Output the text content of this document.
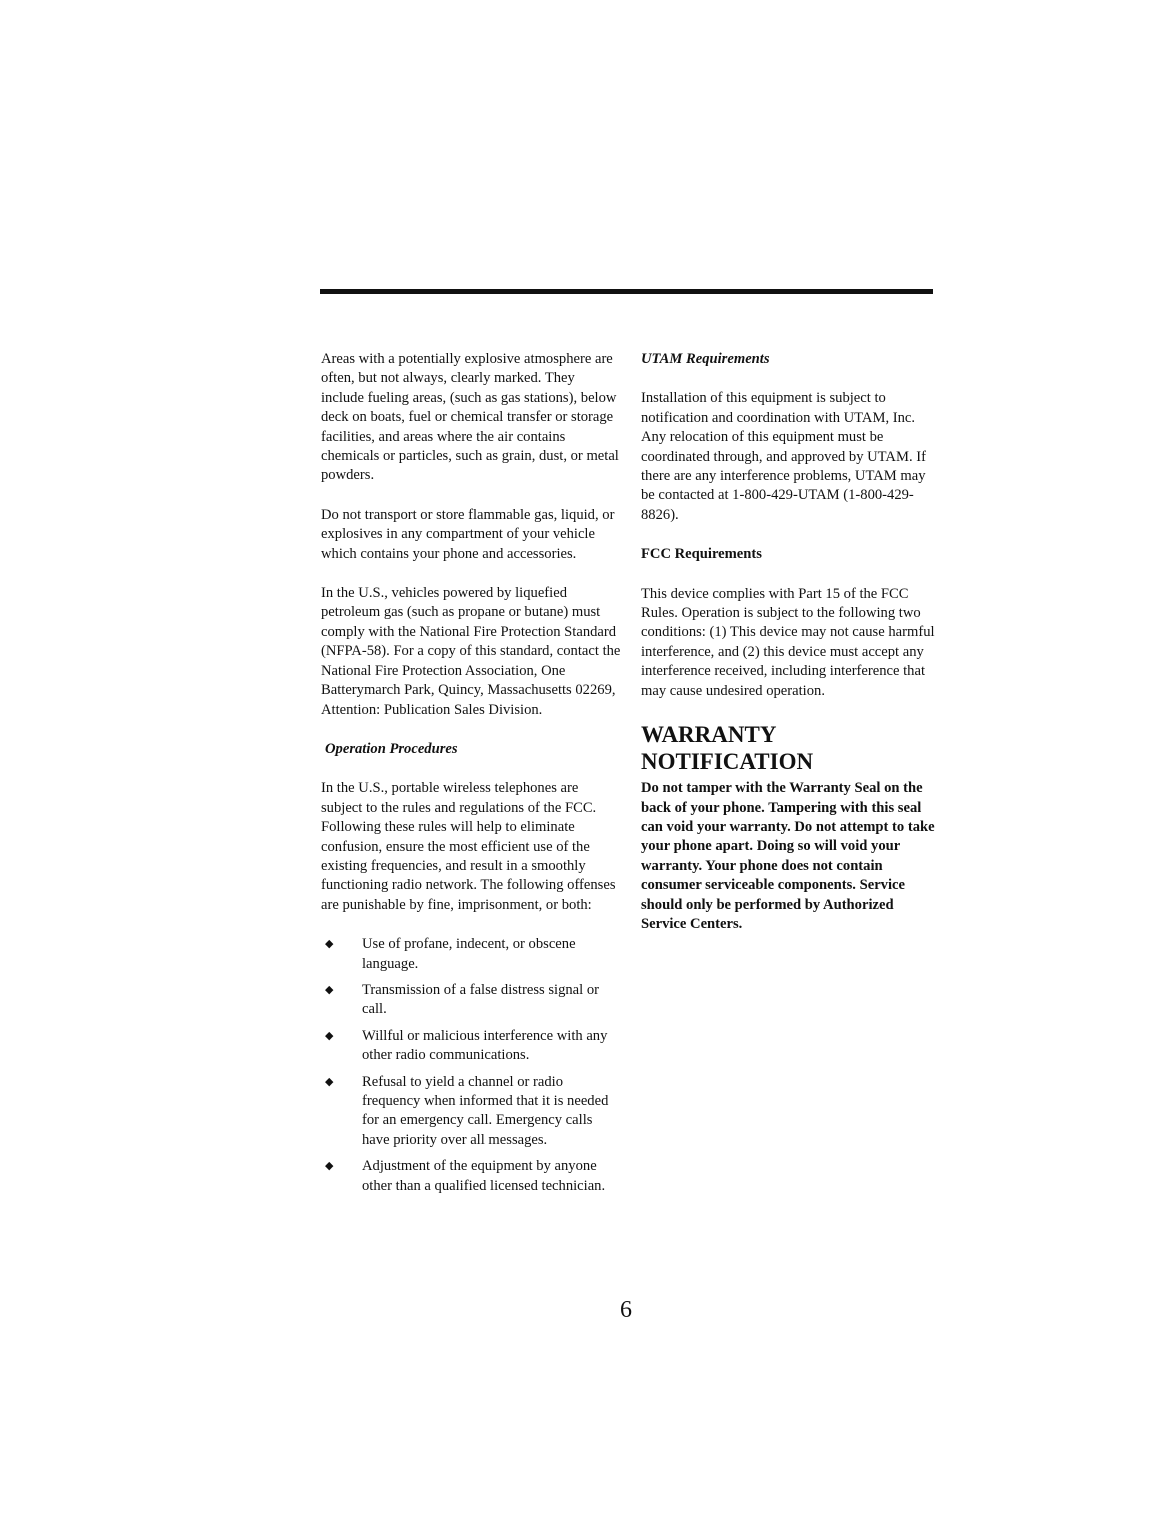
Areas with a potentially explosive atmosphere are often, but not always, clearly marked. They include fueling areas, (such as gas stations), below deck on boats, fuel or chemical transfer or storage facilities, and areas where the air contains chemicals or particles, such as grain, dust, or metal powders.

Do not transport or store flammable gas, liquid, or explosives in any compartment of your vehicle which contains your phone and accessories.

In the U.S., vehicles powered by liquefied petroleum gas (such as propane or butane) must comply with the National Fire Protection Standard (NFPA-58). For a copy of this standard, contact the National Fire Protection Association, One Batterymarch Park, Quincy, Massachusetts 02269, Attention: Publication Sales Division.

Operation Procedures

In the U.S., portable wireless telephones are subject to the rules and regulations of the FCC. Following these rules will help to eliminate confusion, ensure the most efficient use of the existing frequencies, and result in a smoothly functioning radio network. The following offenses are punishable by fine, imprisonment, or both:

◆ Use of profane, indecent, or obscene language.
◆ Transmission of a false distress signal or call.
◆ Willful or malicious interference with any other radio communications.
◆ Refusal to yield a channel or radio frequency when informed that it is needed for an emergency call. Emergency calls have priority over all messages.
◆ Adjustment of the equipment by anyone other than a qualified licensed technician.

UTAM Requirements

Installation of this equipment is subject to notification and coordination with UTAM, Inc. Any relocation of this equipment must be coordinated through, and approved by UTAM. If there are any interference problems, UTAM may be contacted at 1-800-429-UTAM (1-800-429-8826).

FCC Requirements

This device complies with Part 15 of the FCC Rules. Operation is subject to the following two conditions: (1) This device may not cause harmful interference, and (2) this device must accept any interference received, including interference that may cause undesired operation.

WARRANTY
NOTIFICATION

Do not tamper with the Warranty Seal on the back of your phone. Tampering with this seal can void your warranty. Do not attempt to take your phone apart. Doing so will void your warranty. Your phone does not contain consumer serviceable components. Service should only be performed by Authorized Service Centers.

6
